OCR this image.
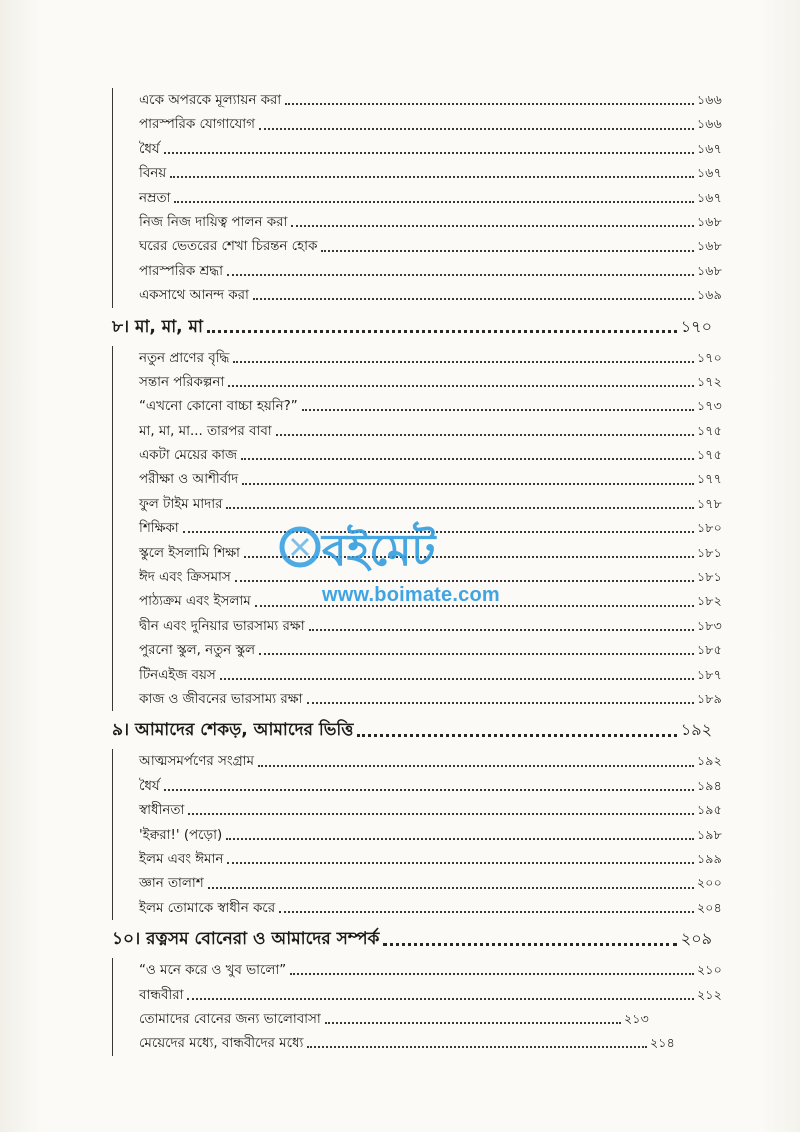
একে অপরকে মূল্যায়ন করা	১৬৬
পারস্পরিক যোগাযোগ	১৬৬
ধৈর্য	১৬৭
বিনয়	১৬৭
নম্রতা	১৬৭
নিজ নিজ দায়িত্ব পালন করা	১৬৮
ঘরের ভেতরের শেখা চিরন্তন হোক	১৬৮
পারস্পরিক শ্রদ্ধা	১৬৮
একসাথে আনন্দ করা	১৬৯
৮। মা, মা, মা	১৭০
নতুন প্রাণের বৃদ্ধি	১৭০
সন্তান পরিকল্পনা	১৭২
“এখনো কোনো বাচ্চা হয়নি?”	১৭৩
মা, মা, মা... তারপর বাবা	১৭৫
একটা মেয়ের কাজ	১৭৫
পরীক্ষা ও আশীর্বাদ	১৭৭
ফুল টাইম মাদার	১৭৮
শিক্ষিকা	১৮০
স্কুলে ইসলামি শিক্ষা	১৮১
ঈদ এবং ক্রিসমাস	১৮১
পাঠ্যক্রম এবং ইসলাম	১৮২
দ্বীন এবং দুনিয়ার ভারসাম্য রক্ষা	১৮৩
পুরনো স্কুল, নতুন স্কুল	১৮৫
টিনএইজ বয়স	১৮৭
কাজ ও জীবনের ভারসাম্য রক্ষা	১৮৯
৯। আমাদের শেকড়, আমাদের ভিত্তি	১৯২
আত্মসমর্পণের সংগ্রাম	১৯২
ধৈর্য	১৯৪
স্বাধীনতা	১৯৫
'ইক্বরা!' (পড়ো)	১৯৮
ইলম এবং ঈমান	১৯৯
জ্ঞান তালাশ	২০০
ইলম তোমাকে স্বাধীন করে	২০৪
১০। রত্নসম বোনেরা ও আমাদের সম্পর্ক	২০৯
“ও মনে করে ও খুব ভালো”	২১০
বান্ধবীরা	২১২
তোমাদের বোনের জন্য ভালোবাসা	২১৩
মেয়েদের মধ্যে, বান্ধবীদের মধ্যে	২১৪
বইমেট
www.boimate.com
